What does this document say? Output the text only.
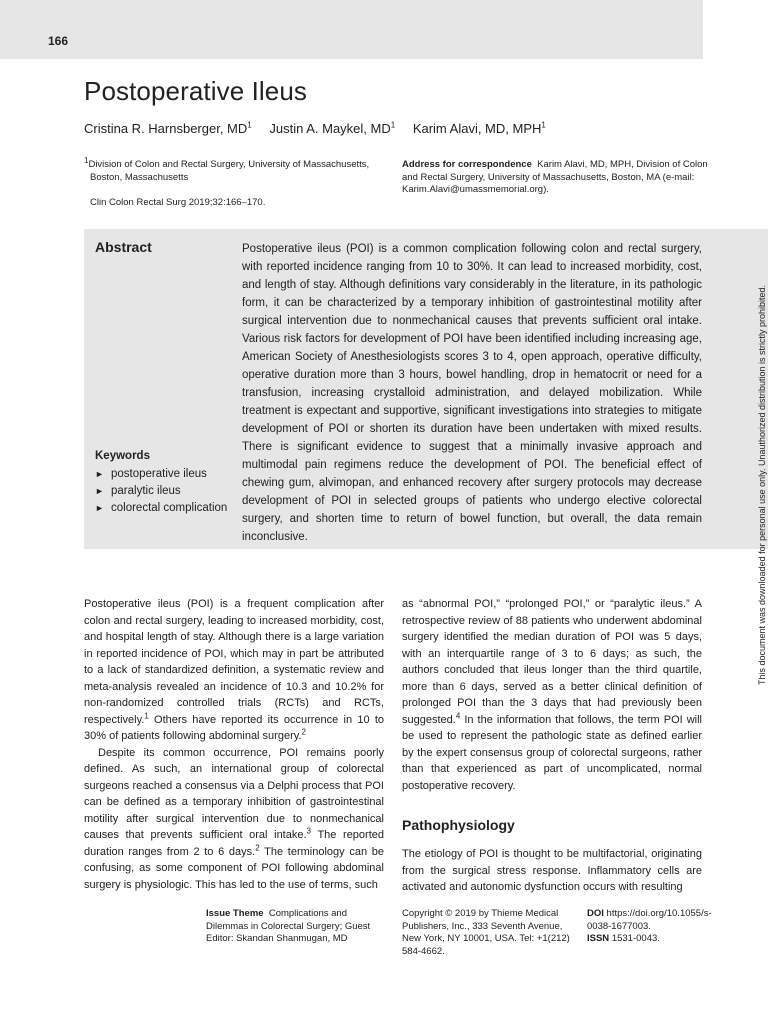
166
Postoperative Ileus
Cristina R. Harnsberger, $MD^1$ Justin A. Maykel, $MD^1$ Karim Alavi, MD, MPH$^1$
$^1$Division of Colon and Rectal Surgery, University of Massachusetts, Boston, Massachusetts
Clin Colon Rectal Surg 2019;32:166–170.
Address for correspondence Karim Alavi, MD, MPH, Division of Colon and Rectal Surgery, University of Massachusetts, Boston, MA (e-mail: Karim.Alavi@umassmemorial.org).
Abstract	Postoperative ileus (POI) is a common complication following colon and rectal surgery, with reported incidence ranging from 10 to 30%. It can lead to increased morbidity, cost, and length of stay. Although definitions vary considerably in the literature, in its pathologic form, it can be characterized by a temporary inhibition of gastrointestinal motility after surgical intervention due to nonmechanical causes that prevents sufficient oral intake. Various risk factors for development of POI have been identified including increasing age, American Society of Anesthesiologists scores 3 to 4, open approach, operative difficulty, operative duration more than 3 hours, bowel handling, drop in hematocrit or need for a transfusion, increasing crystalloid administration, and delayed mobilization. While treatment is expectant and supportive, significant investigations into strategies to mitigate development of POI or shorten its duration have been undertaken with mixed results. There is significant evidence to suggest that a minimally invasive approach and multimodal pain regimens reduce the development of POI. The beneficial effect of chewing gum, alvimopan, and enhanced recovery after surgery protocols may decrease development of POI in selected groups of patients who undergo elective colorectal surgery, and shorten time to return of bowel function, but overall, the data remain inconclusive.
Keywords
► postoperative ileus
► paralytic ileus
► colorectal complication	This document was downloaded for personal use only. Unauthorized distribution is strictly prohibited.

Postoperative ileus (POI) is a frequent complication after colon and rectal surgery, leading to increased morbidity, cost, and hospital length of stay. Although there is a large variation in reported incidence of POI, which may in part be attributed to a lack of standardized definition, a systematic review and meta-analysis revealed an incidence of 10.3 and 10.2% for non-randomized controlled trials (RCTs) and RCTs, respectively.$^1$ Others have reported its occurrence in 10 to 30% of patients following abdominal surgery.$^2$

Despite its common occurrence, POI remains poorly defined. As such, an international group of colorectal surgeons reached a consensus via a Delphi process that POI can be defined as a temporary inhibition of gastrointestinal motility after surgical intervention due to nonmechanical causes that prevents sufficient oral intake.$^3$ The reported duration ranges from 2 to 6 days.$^2$ The terminology can be confusing, as some component of POI following abdominal surgery is physiologic. This has led to the use of terms, such

as “abnormal POI,” “prolonged POI,” or “paralytic ileus.” A retrospective review of 88 patients who underwent abdominal surgery identified the median duration of POI was 5 days, with an interquartile range of 3 to 6 days; as such, the authors concluded that ileus longer than the third quartile, more than 6 days, served as a better clinical definition of prolonged POI than the 3 days that had previously been suggested.$^4$ In the information that follows, the term POI will be used to represent the pathologic state as defined earlier by the expert consensus group of colorectal surgeons, rather than that experienced as part of uncomplicated, normal postoperative recovery.

Pathophysiology

The etiology of POI is thought to be multifactorial, originating from the surgical stress response. Inflammatory cells are activated and autonomic dysfunction occurs with resulting

Issue Theme Complications and Dilemmas in Colorectal Surgery; Guest Editor: Skandan Shanmugan, MD
Copyright © 2019 by Thieme Medical Publishers, Inc., 333 Seventh Avenue, New York, NY 10001, USA. Tel: +1(212) 584-4662.
DOI https://doi.org/10.1055/s-0038-1677003.
ISSN 1531-0043.
